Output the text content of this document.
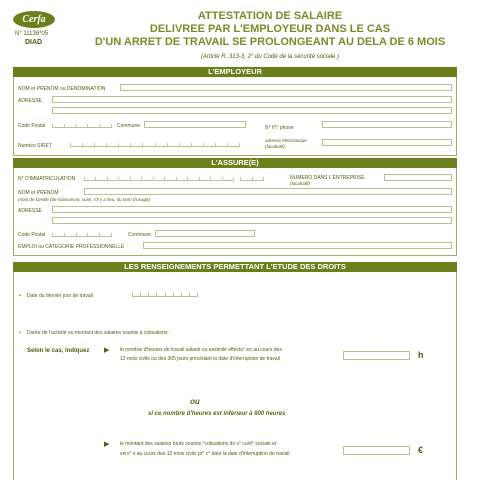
Cerfa
N° 11136*05
DIAD
ATTESTATION DE SALAIRE
DELIVREE PAR L'EMPLOYEUR DANS LE CAS
D'UN ARRET DE TRAVAIL SE PROLONGEANT AU DELA DE 6 MOIS
(Article R. 313-3, 2° du Code de la sécurité sociale )
L'EMPLOYEUR
NOM et PRENOM ou DENOMINATION
ADRESSE
Code Postal	Commune	N° t°l° phone
Numéro SIRET
adresse électronique
(facultatif)
L'ASSURE(E)
N° D'IMMATRICULATION	NUMERO DANS L'ENTREPRISE
(facultatif)
NOM et PRENOM
(nom de famille (de naissance), suivi, s'il y a lieu, du nom d'usage)
ADRESSE
Code Postal	Commune
EMPLOI ou CATEGORIE PROFESSIONNELLE
LES RENSEIGNEMENTS PERMETTANT L'ETUDE DES DROITS
• Date du dernier jour de travail
• Durée de l'activité ou montant des salaires soumis à cotisations :
Selon le cas, indiquez ▶ le nombre d'heures de travail salarié ou assimilé effectu° es au cours des
12 mois civils ou des 365 jours précédant la date d'interruption de travail	h
ou
si ce nombre d'heures est inférieur à 600 heures
▶ le montant des salaires bruts soumis °cotisations do s° curit° sociale et
vers° s au cours des 12 mois civils pr° c° dant la date d'interruption de travail	€
